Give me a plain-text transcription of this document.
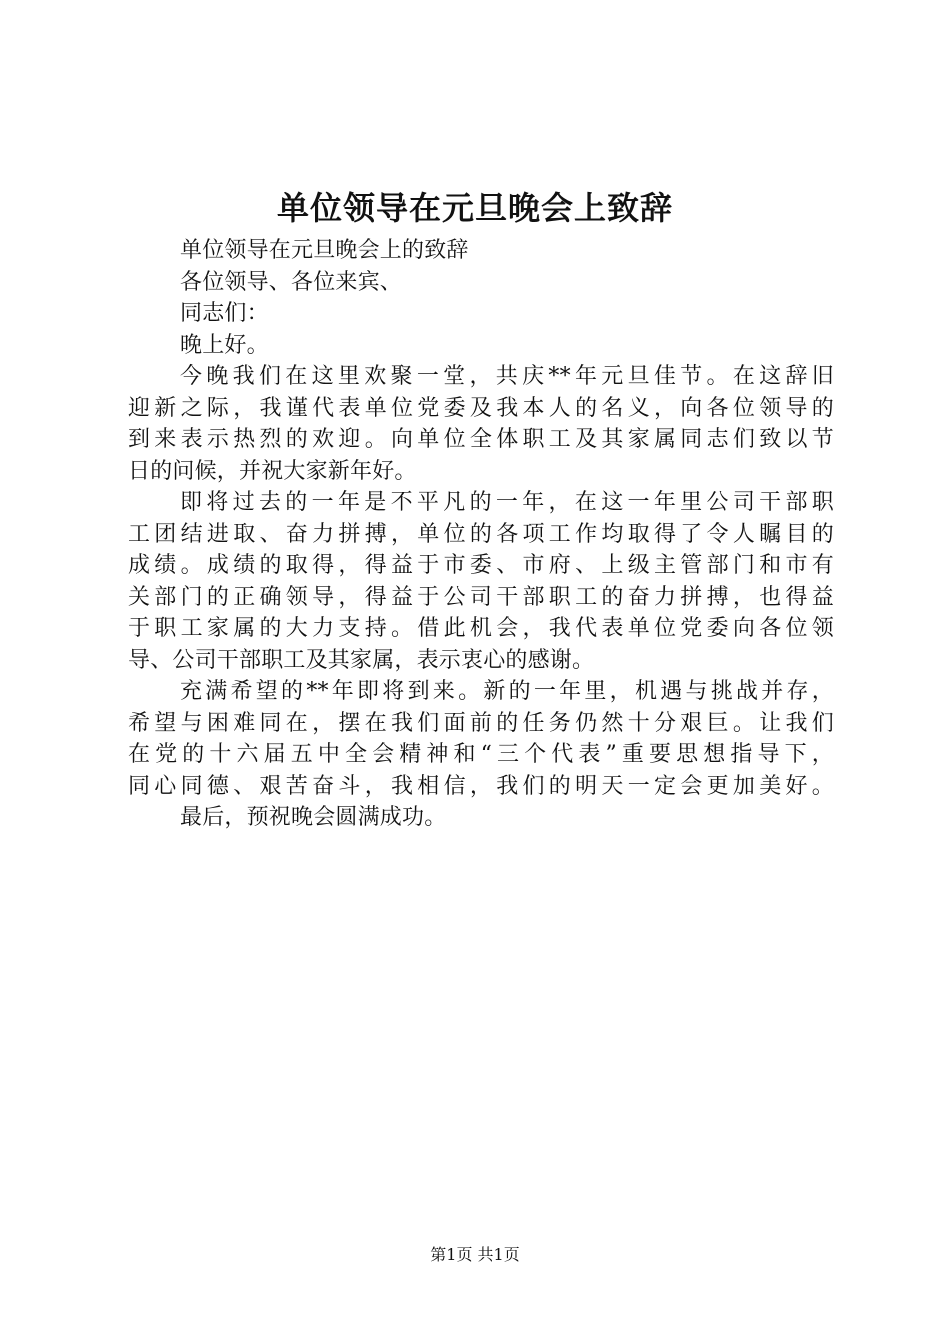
单位领导在元旦晚会上致辞
单位领导在元旦晚会上的致辞
各位领导、各位来宾、
同志们：
晚上好。
今晚我们在这里欢聚一堂，共庆**年元旦佳节。在这辞旧
迎新之际，我谨代表单位党委及我本人的名义，向各位领导的
到来表示热烈的欢迎。向单位全体职工及其家属同志们致以节
日的问候，并祝大家新年好。
即将过去的一年是不平凡的一年，在这一年里公司干部职
工团结进取、奋力拼搏，单位的各项工作均取得了令人瞩目的
成绩。成绩的取得，得益于市委、市府、上级主管部门和市有
关部门的正确领导，得益于公司干部职工的奋力拼搏，也得益
于职工家属的大力支持。借此机会，我代表单位党委向各位领
导、公司干部职工及其家属，表示衷心的感谢。
充满希望的**年即将到来。新的一年里，机遇与挑战并存，
希望与困难同在，摆在我们面前的任务仍然十分艰巨。让我们
在党的十六届五中全会精神和“三个代表”重要思想指导下，
同心同德、艰苦奋斗，我相信，我们的明天一定会更加美好。
最后，预祝晚会圆满成功。
第1页 共1页
